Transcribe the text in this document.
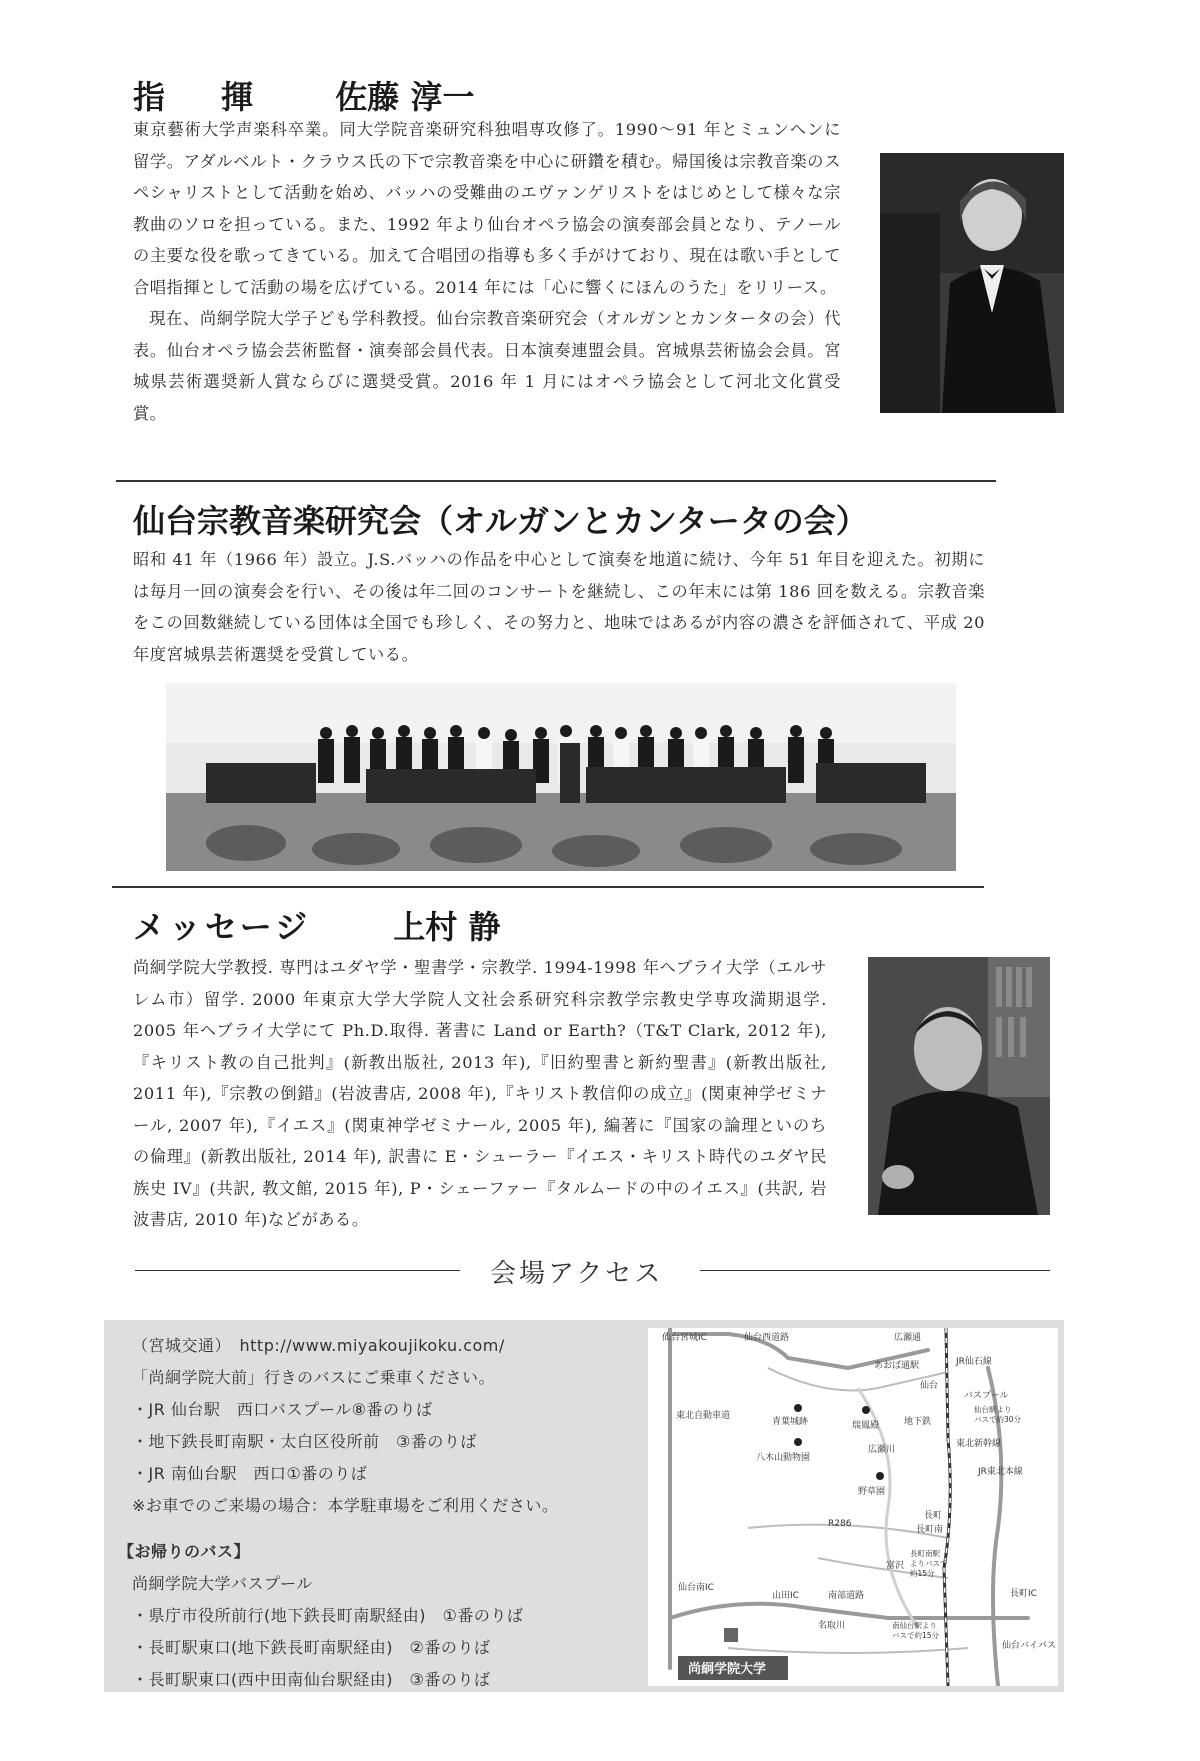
指　揮 佐藤 淳一

東京藝術大学声楽科卒業。同大学院音楽研究科独唱専攻修了。1990〜91 年とミュンヘンに留学。アダルベルト・クラウス氏の下で宗教音楽を中心に研鑽を積む。帰国後は宗教音楽のスペシャリストとして活動を始め、バッハの受難曲のエヴァンゲリストをはじめとして様々な宗教曲のソロを担っている。また、1992 年より仙台オペラ協会の演奏部会員となり、テノールの主要な役を歌ってきている。加えて合唱団の指導も多く手がけており、現在は歌い手として合唱指揮として活動の場を広げている。2014 年には「心に響くにほんのうた」をリリース。

現在、尚絅学院大学子ども学科教授。仙台宗教音楽研究会（オルガンとカンタータの会）代表。仙台オペラ協会芸術監督・演奏部会員代表。日本演奏連盟会員。宮城県芸術協会会員。宮城県芸術選奨新人賞ならびに選奨受賞。2016 年 1 月にはオペラ協会として河北文化賞受賞。

仙台宗教音楽研究会（オルガンとカンタータの会）
昭和 41 年（1966 年）設立。J.S.バッハの作品を中心として演奏を地道に続け、今年 51 年目を迎えた。初期には毎月一回の演奏会を行い、その後は年二回のコンサートを継続し、この年末には第 186 回を数える。宗教音楽をこの回数継続している団体は全国でも珍しく、その努力と、地味ではあるが内容の濃さを評価されて、平成 20 年度宮城県芸術選奨を受賞している。
メッセージ	上村 静
尚絅学院大学教授. 専門はユダヤ学・聖書学・宗教学. 1994-1998 年ヘブライ大学（エルサレム市）留学. 2000 年東京大学大学院人文社会系研究科宗教学宗教史学専攻満期退学. 2005 年ヘブライ大学にて Ph.D.取得. 著書に Land or Earth?（T&T Clark, 2012 年),『キリスト教の自己批判』(新教出版社, 2013 年),『旧約聖書と新約聖書』(新教出版社, 2011 年),『宗教の倒錯』(岩波書店, 2008 年),『キリスト教信仰の成立』(関東神学ゼミナール, 2007 年),『イエス』(関東神学ゼミナール, 2005 年), 編著に『国家の論理といのちの倫理』(新教出版社, 2014 年), 訳書に E・シューラー『イエス・キリスト時代のユダヤ民族史 IV』(共訳, 教文館, 2015 年), P・シェーファー『タルムードの中のイエス』(共訳, 岩波書店, 2010 年)などがある。
会場アクセス
（宮城交通）　http://www.miyakoujikoku.com/
「尚絅学院大前」行きのバスにご乗車ください。
・JR 仙台駅　西口バスプール⑧番のりば
・地下鉄長町南駅・太白区役所前　③番のりば
・JR 南仙台駅　西口①番のりば
※お車でのご来場の場合：本学駐車場をご利用ください。
【お帰りのバス】
尚絅学院大学バスプール
・県庁市役所前行(地下鉄長町南駅経由)　①番のりば
・長町駅東口(地下鉄長町南駅経由)　②番のりば
・長町駅東口(西中田南仙台駅経由)　③番のりば
尚絅学院大学
仙台宮城IC	仙台西道路	広瀬通
あおば通駅	JR仙石線
仙台
バスプール
仙台駅より
バスで約30分
青葉城跡	瑞鳳殿
東北自動車道
地下鉄
広瀬川
東北新幹線
JR東北本線
八木山動物園
野草園
R286
長町
長町南
富沢
長町南駅
よりバスで
約15分
仙台南IC
山田IC	南部道路	長町IC
名取川	南仙台駅より
バスで約15分
仙台バイパス
